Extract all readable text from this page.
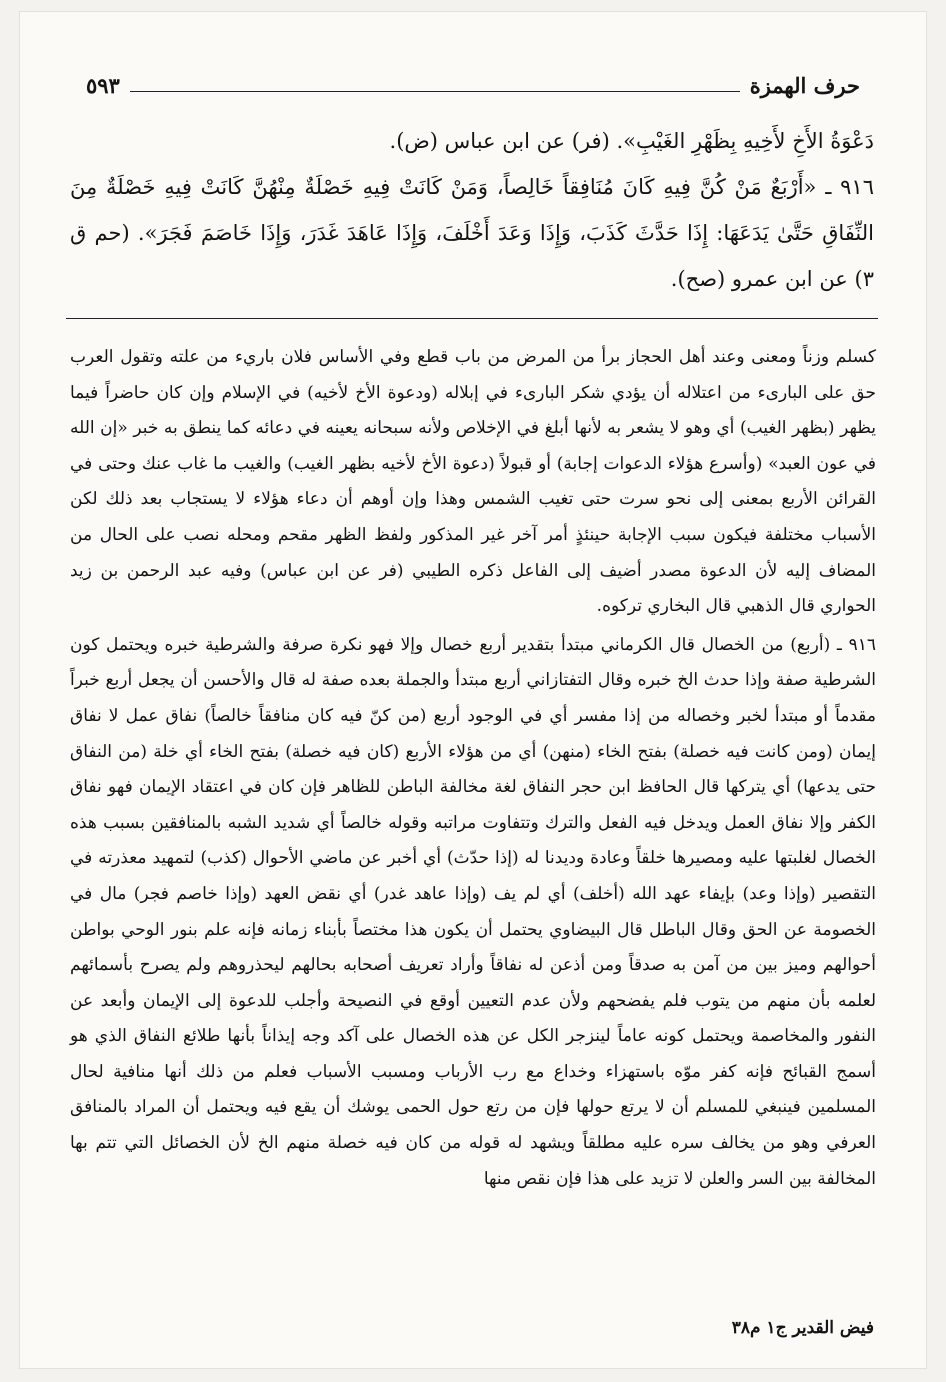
حرف الهمزة
٥٩٣

دَعْوَةُ الأَخِ لأَخِيهِ بِظَهْرِ الغَيْبِ». (فر) عن ابن عباس (ض).

٩١٦ ـ «أَرْبَعٌ مَنْ كُنَّ فِيهِ كَانَ مُنَافِقاً خَالِصاً، وَمَنْ كَانَتْ فِيهِ خَصْلَةٌ مِنْهُنَّ كَانَتْ فِيهِ خَصْلَةٌ مِنَ النِّفَاقِ حَتَّىٰ يَدَعَهَا: إِذَا حَدَّثَ كَذَبَ، وَإِذَا وَعَدَ أَخْلَفَ، وَإِذَا عَاهَدَ غَدَرَ، وَإِذَا خَاصَمَ فَجَرَ». (حم ق ٣) عن ابن عمرو (صح).

كسلم وزناً ومعنى وعند أهل الحجاز برأ من المرض من باب قطع وفي الأساس فلان باريء من علته وتقول العرب حق على البارىء من اعتلاله أن يؤدي شكر البارىء في إبلاله (ودعوة الأخ لأخيه) في الإسلام وإن كان حاضراً فيما يظهر (بظهر الغيب) أي وهو لا يشعر به لأنها أبلغ في الإخلاص ولأنه سبحانه يعينه في دعائه كما ينطق به خبر «إن الله في عون العبد» (وأسرع هؤلاء الدعوات إجابة) أو قبولاً (دعوة الأخ لأخيه بظهر الغيب) والغيب ما غاب عنك وحتى في القرائن الأربع بمعنى إلى نحو سرت حتى تغيب الشمس وهذا وإن أوهم أن دعاء هؤلاء لا يستجاب بعد ذلك لكن الأسباب مختلفة فيكون سبب الإجابة حينئذٍ أمر آخر غير المذكور ولفظ الظهر مقحم ومحله نصب على الحال من المضاف إليه لأن الدعوة مصدر أضيف إلى الفاعل ذكره الطيبي (فر عن ابن عباس) وفيه عبد الرحمن بن زيد الحواري قال الذهبي قال البخاري تركوه.

٩١٦ ـ (أربع) من الخصال قال الكرماني مبتدأ بتقدير أربع خصال وإلا فهو نكرة صرفة والشرطية خبره ويحتمل كون الشرطية صفة وإذا حدث الخ خبره وقال التفتازاني أربع مبتدأ والجملة بعده صفة له قال والأحسن أن يجعل أربع خبراً مقدماً أو مبتدأ لخبر وخصاله من إذا مفسر أي في الوجود أربع (من كنّ فيه كان منافقاً خالصاً) نفاق عمل لا نفاق إيمان (ومن كانت فيه خصلة) بفتح الخاء (منهن) أي من هؤلاء الأربع (كان فيه خصلة) بفتح الخاء أي خلة (من النفاق حتى يدعها) أي يتركها قال الحافظ ابن حجر النفاق لغة مخالفة الباطن للظاهر فإن كان في اعتقاد الإيمان فهو نفاق الكفر وإلا نفاق العمل ويدخل فيه الفعل والترك وتتفاوت مراتبه وقوله خالصاً أي شديد الشبه بالمنافقين بسبب هذه الخصال لغلبتها عليه ومصيرها خلقاً وعادة وديدنا له (إذا حدّث) أي أخبر عن ماضي الأحوال (كذب) لتمهيد معذرته في التقصير (وإذا وعد) بإيفاء عهد الله (أخلف) أي لم يف (وإذا عاهد غدر) أي نقض العهد (وإذا خاصم فجر) مال في الخصومة عن الحق وقال الباطل قال البيضاوي يحتمل أن يكون هذا مختصاً بأبناء زمانه فإنه علم بنور الوحي بواطن أحوالهم وميز بين من آمن به صدقاً ومن أذعن له نفاقاً وأراد تعريف أصحابه بحالهم ليحذروهم ولم يصرح بأسمائهم لعلمه بأن منهم من يتوب فلم يفضحهم ولأن عدم التعيين أوقع في النصيحة وأجلب للدعوة إلى الإيمان وأبعد عن النفور والمخاصمة ويحتمل كونه عاماً لينزجر الكل عن هذه الخصال على آكد وجه إيذاناً بأنها طلائع النفاق الذي هو أسمج القبائح فإنه كفر موّه باستهزاء وخداع مع رب الأرباب ومسبب الأسباب فعلم من ذلك أنها منافية لحال المسلمين فينبغي للمسلم أن لا يرتع حولها فإن من رتع حول الحمى يوشك أن يقع فيه ويحتمل أن المراد بالمنافق العرفي وهو من يخالف سره عليه مطلقاً ويشهد له قوله من كان فيه خصلة منهم الخ لأن الخصائل التي تتم بها المخالفة بين السر والعلن لا تزيد على هذا فإن نقص منها

فيض القدير ج١ م٣٨
